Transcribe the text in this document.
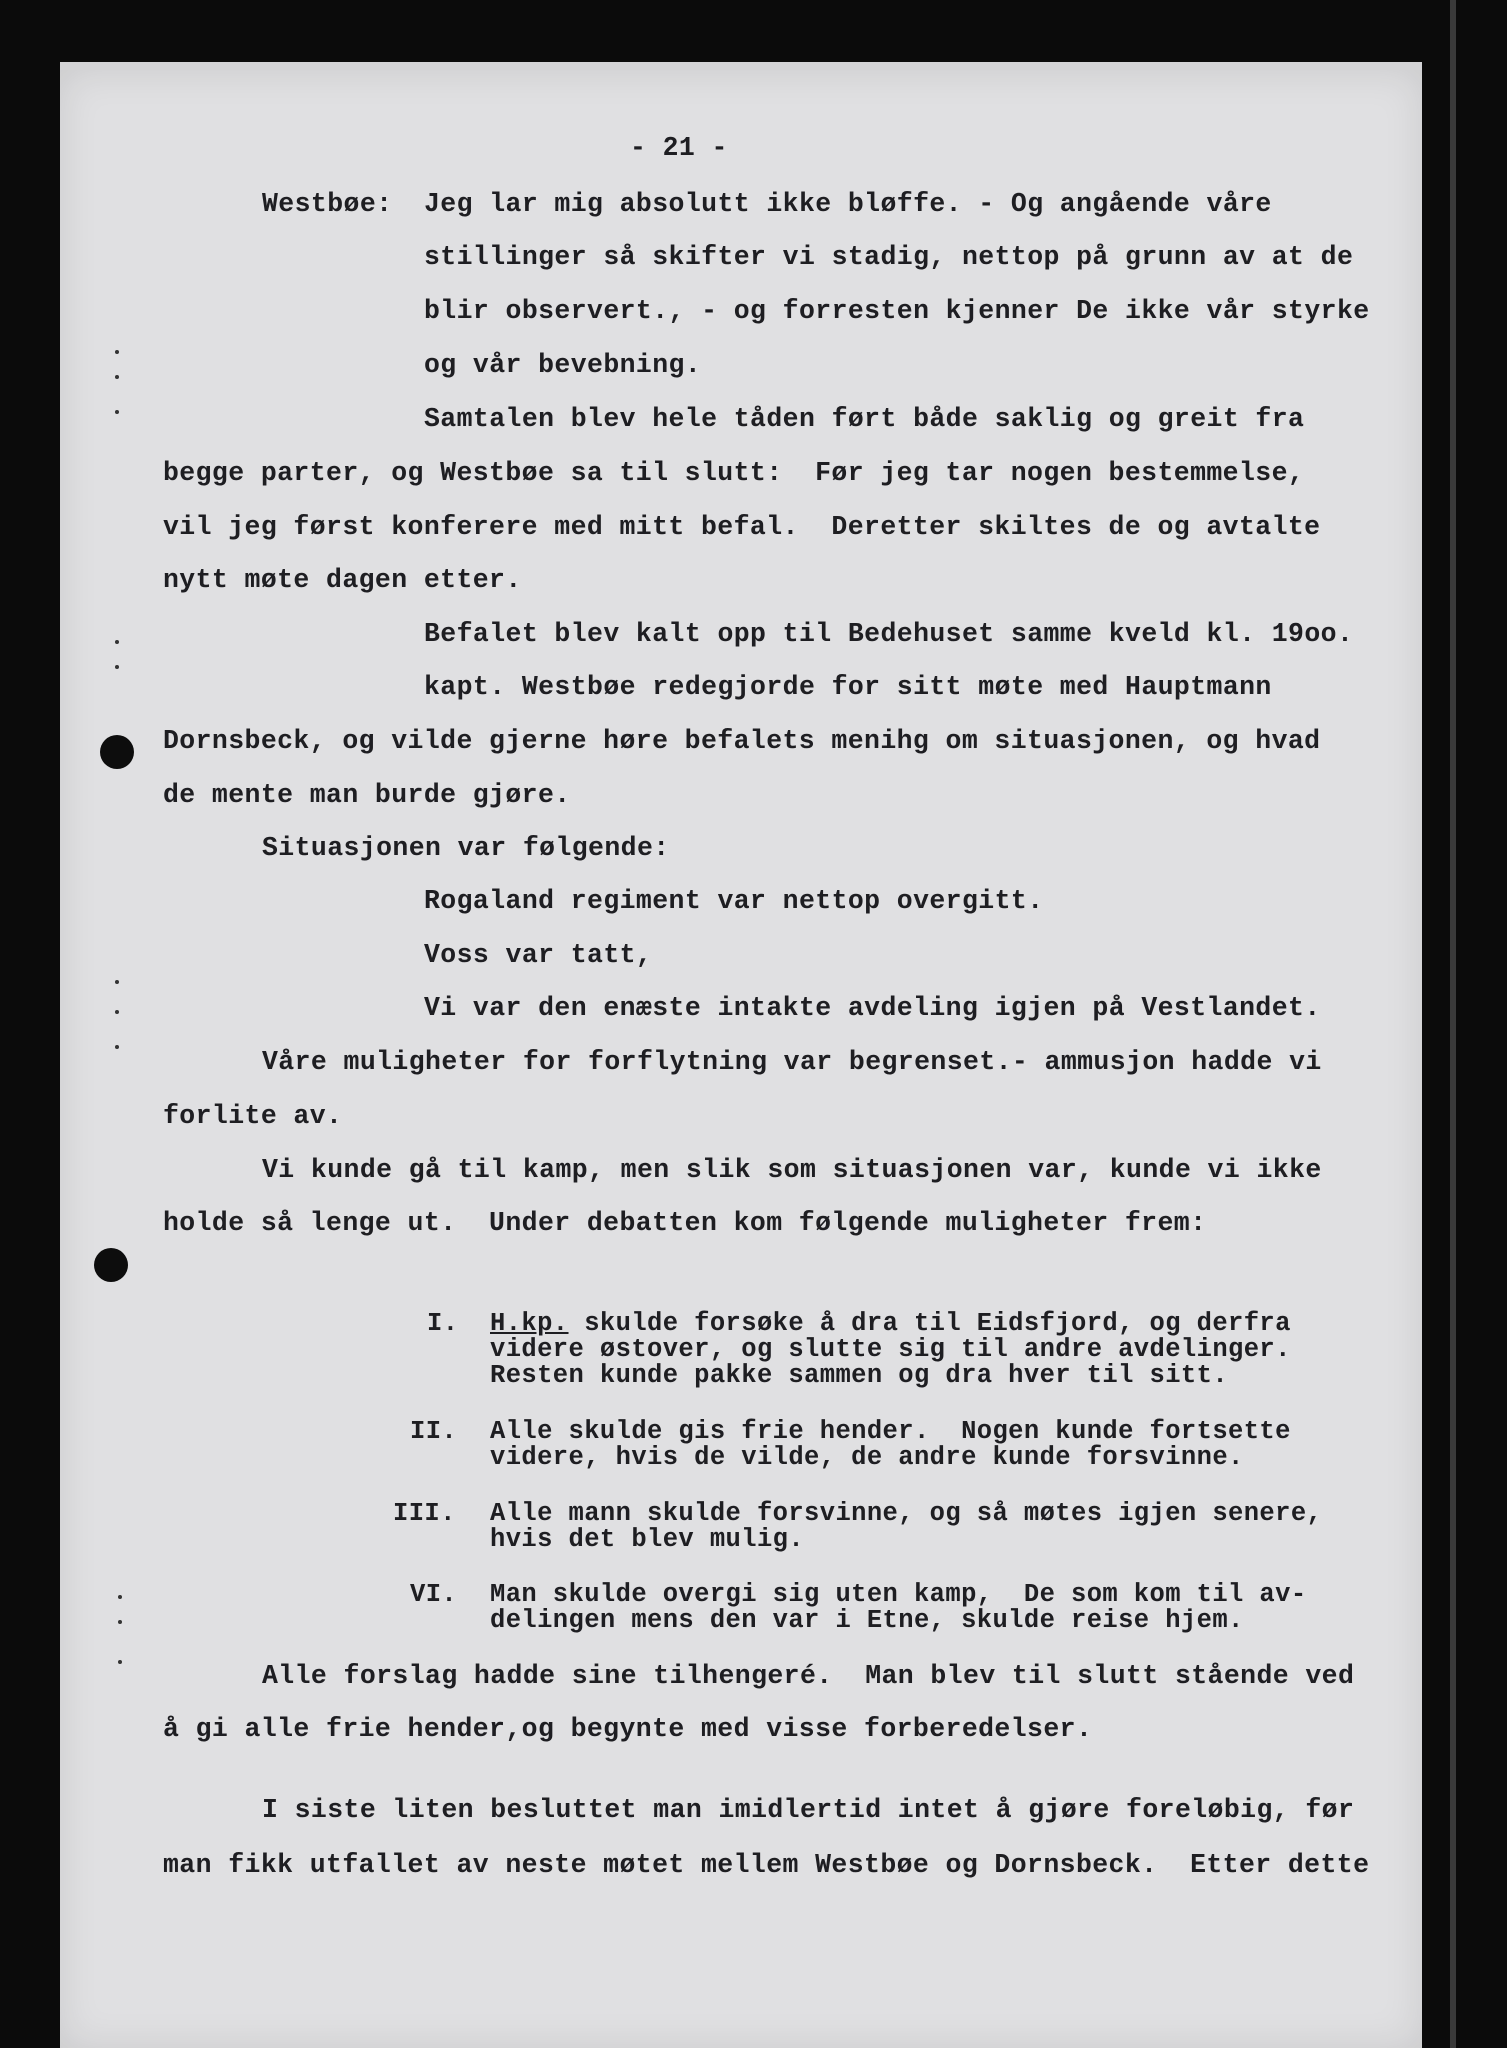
- 21 -
Westbøe: Jeg lar mig absolutt ikke bløffe. - Og angående våre
stillinger så skifter vi stadig, nettop på grunn av at de
blir observert., - og forresten kjenner De ikke vår styrke
og vår bevebning.
Samtalen blev hele tåden ført både saklig og greit fra
begge parter, og Westbøe sa til slutt:  Før jeg tar nogen bestemmelse,
vil jeg først konferere med mitt befal.  Deretter skiltes de og avtalte
nytt møte dagen etter.
Befalet blev kalt opp til Bedehuset samme kveld kl. 19oo.
kapt. Westbøe redegjorde for sitt møte med Hauptmann
Dornsbeck, og vilde gjerne høre befalets menihg om situasjonen, og hvad
de mente man burde gjøre.
Situasjonen var følgende:
Rogaland regiment var nettop overgitt.
Voss var tatt,
Vi var den enæste intakte avdeling igjen på Vestlandet.
Våre muligheter for forflytning var begrenset.- ammusjon hadde vi
forlite av.
Vi kunde gå til kamp, men slik som situasjonen var, kunde vi ikke
holde så lenge ut.  Under debatten kom følgende muligheter frem:
I. H.kp. skulde forsøke å dra til Eidsfjord, og derfra
videre østover, og slutte sig til andre avdelinger.
Resten kunde pakke sammen og dra hver til sitt.
II. Alle skulde gis frie hender.  Nogen kunde fortsette
videre, hvis de vilde, de andre kunde forsvinne.
III. Alle mann skulde forsvinne, og så møtes igjen senere,
hvis det blev mulig.
VI. Man skulde overgi sig uten kamp,  De som kom til av-
delingen mens den var i Etne, skulde reise hjem.
Alle forslag hadde sine tilhengeré.  Man blev til slutt stående ved
å gi alle frie hender,og begynte med visse forberedelser.
I siste liten besluttet man imidlertid intet å gjøre foreløbig, før
man fikk utfallet av neste møtet mellem Westbøe og Dornsbeck.  Etter dette
